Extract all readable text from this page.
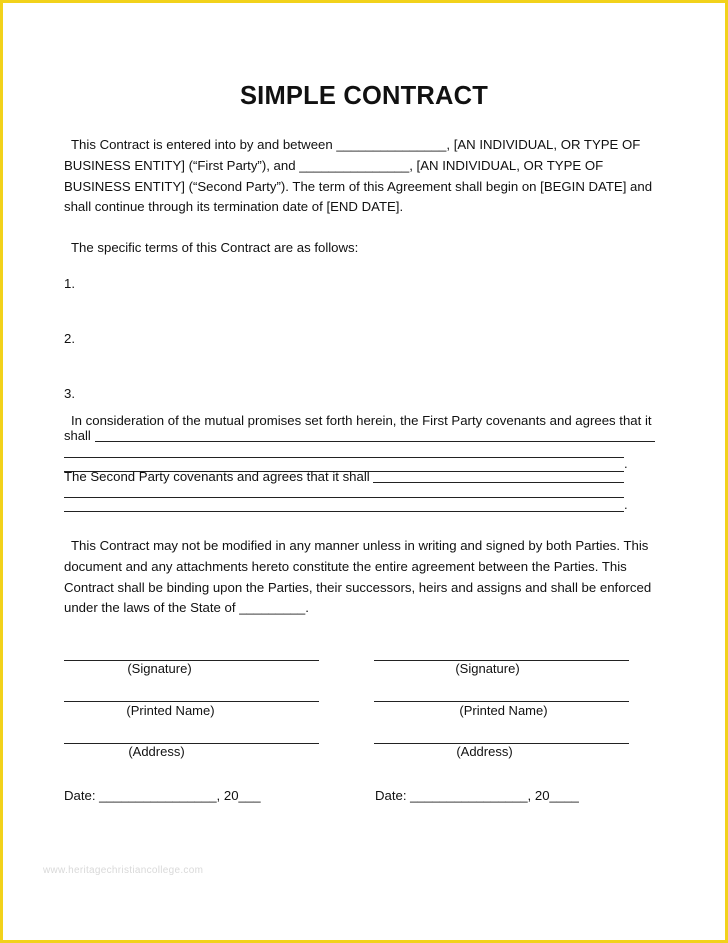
SIMPLE CONTRACT
This Contract is entered into by and between _______________, [AN INDIVIDUAL, OR TYPE OF
BUSINESS ENTITY] (“First Party”), and _______________, [AN INDIVIDUAL, OR TYPE OF
BUSINESS ENTITY] (“Second Party”). The term of this Agreement shall begin on [BEGIN DATE] and
shall continue through its termination date of [END DATE].
The specific terms of this Contract are as follows:
1.
2.
3.
In consideration of the mutual promises set forth herein, the First Party covenants and agrees that it
shall
.
The Second Party covenants and agrees that it shall
.
This Contract may not be modified in any manner unless in writing and signed by both Parties. This
document and any attachments hereto constitute the entire agreement between the Parties. This
Contract shall be binding upon the Parties, their successors, heirs and assigns and shall be enforced
under the laws of the State of _________.
(Signature)
(Printed Name)
(Address)
Date: ________________, 20___
(Signature)
(Printed Name)
(Address)
Date: ________________, 20____
www.heritagechristiancollege.com
